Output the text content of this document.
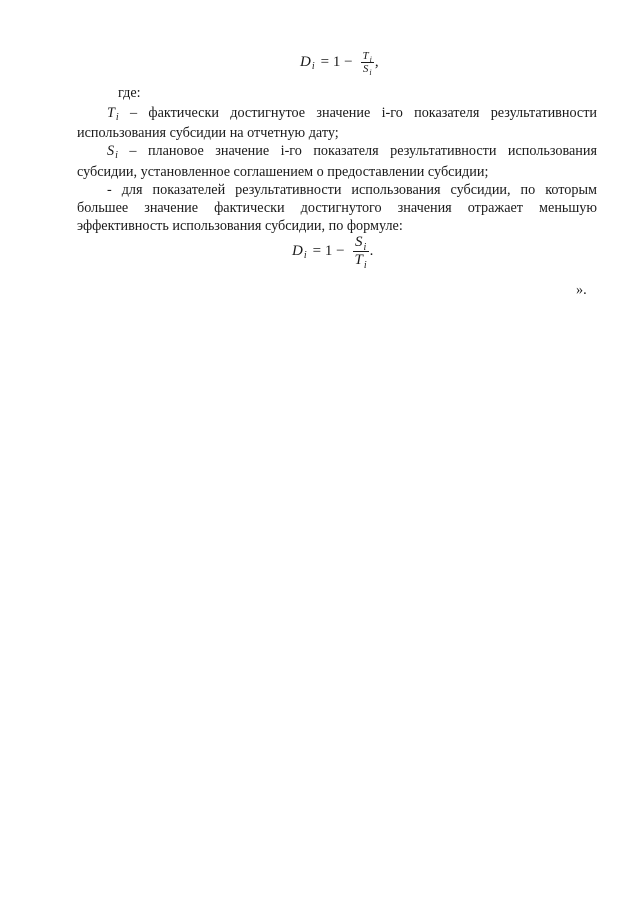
D $i = 1 - \frac{\text{T i}}{\text{S i}}$ ,
где:

$T_i$ – фактически достигнутое значение i-го показателя результативности использования субсидии на отчетную дату;

$S_i$ – плановое значение i-го показателя результативности использования субсидии, установленное соглашением о предоставлении субсидии;

- для показателей результативности использования субсидии, по которым большее значение фактически достигнутого значения отражает меньшую эффективность использования субсидии, по формуле:

D $i = 1 - \frac{\text{S i}}{\text{T i}}$ .
».
